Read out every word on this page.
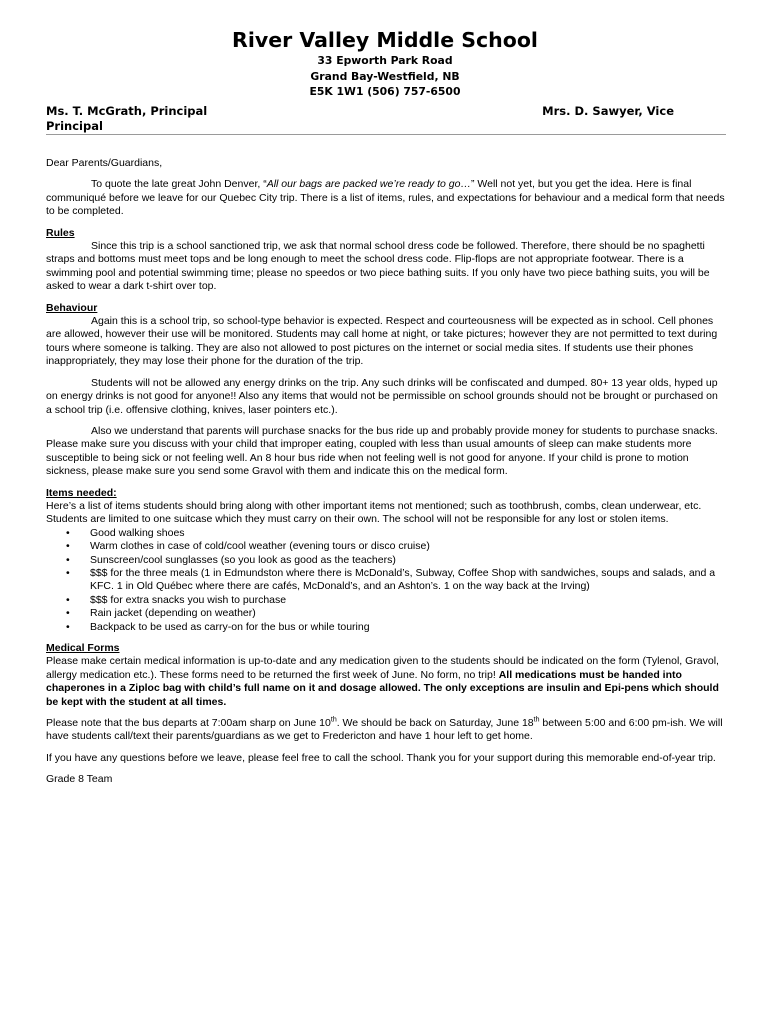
River Valley Middle School
33 Epworth Park Road
Grand Bay-Westfield, NB
E5K 1W1 (506) 757-6500
Ms. T. McGrath, Principal
Principal
Mrs. D. Sawyer, Vice

Dear Parents/Guardians,

To quote the late great John Denver, “All our bags are packed we’re ready to go…” Well not yet, but you get the idea. Here is final communiqué before we leave for our Quebec City trip. There is a list of items, rules, and expectations for behaviour and a medical form that needs to be completed.

Rules

Since this trip is a school sanctioned trip, we ask that normal school dress code be followed. Therefore, there should be no spaghetti straps and bottoms must meet tops and be long enough to meet the school dress code. Flip-flops are not appropriate footwear. There is a swimming pool and potential swimming time; please no speedos or two piece bathing suits. If you only have two piece bathing suits, you will be asked to wear a dark t-shirt over top.

Behaviour

Again this is a school trip, so school-type behavior is expected. Respect and courteousness will be expected as in school. Cell phones are allowed, however their use will be monitored. Students may call home at night, or take pictures; however they are not permitted to text during tours where someone is talking. They are also not allowed to post pictures on the internet or social media sites. If students use their phones inappropriately, they may lose their phone for the duration of the trip.

Students will not be allowed any energy drinks on the trip. Any such drinks will be confiscated and dumped. 80+ 13 year olds, hyped up on energy drinks is not good for anyone!! Also any items that would not be permissible on school grounds should not be brought or purchased on a school trip (i.e. offensive clothing, knives, laser pointers etc.).

Also we understand that parents will purchase snacks for the bus ride up and probably provide money for students to purchase snacks. Please make sure you discuss with your child that improper eating, coupled with less than usual amounts of sleep can make students more susceptible to being sick or not feeling well. An 8 hour bus ride when not feeling well is not good for anyone. If your child is prone to motion sickness, please make sure you send some Gravol with them and indicate this on the medical form.

Items needed:

Here’s a list of items students should bring along with other important items not mentioned; such as toothbrush, combs, clean underwear, etc. Students are limited to one suitcase which they must carry on their own. The school will not be responsible for any lost or stolen items.

• Good walking shoes
• Warm clothes in case of cold/cool weather (evening tours or disco cruise)
• Sunscreen/cool sunglasses (so you look as good as the teachers)
• $$$ for the three meals (1 in Edmundston where there is McDonald’s, Subway, Coffee Shop with sandwiches, soups and salads, and a KFC. 1 in Old Québec where there are cafés, McDonald’s, and an Ashton’s. 1 on the way back at the Irving)
• $$$ for extra snacks you wish to purchase
• Rain jacket (depending on weather)
• Backpack to be used as carry-on for the bus or while touring

Medical Forms

Please make certain medical information is up-to-date and any medication given to the students should be indicated on the form (Tylenol, Gravol, allergy medication etc.). These forms need to be returned the first week of June. No form, no trip! All medications must be handed into chaperones in a Ziploc bag with child’s full name on it and dosage allowed. The only exceptions are insulin and Epi-pens which should be kept with the student at all times.

Please note that the bus departs at 7:00am sharp on June 10th. We should be back on Saturday, June 18th between 5:00 and 6:00 pm-ish. We will have students call/text their parents/guardians as we get to Fredericton and have 1 hour left to get home.

If you have any questions before we leave, please feel free to call the school. Thank you for your support during this memorable end-of-year trip.

Grade 8 Team
